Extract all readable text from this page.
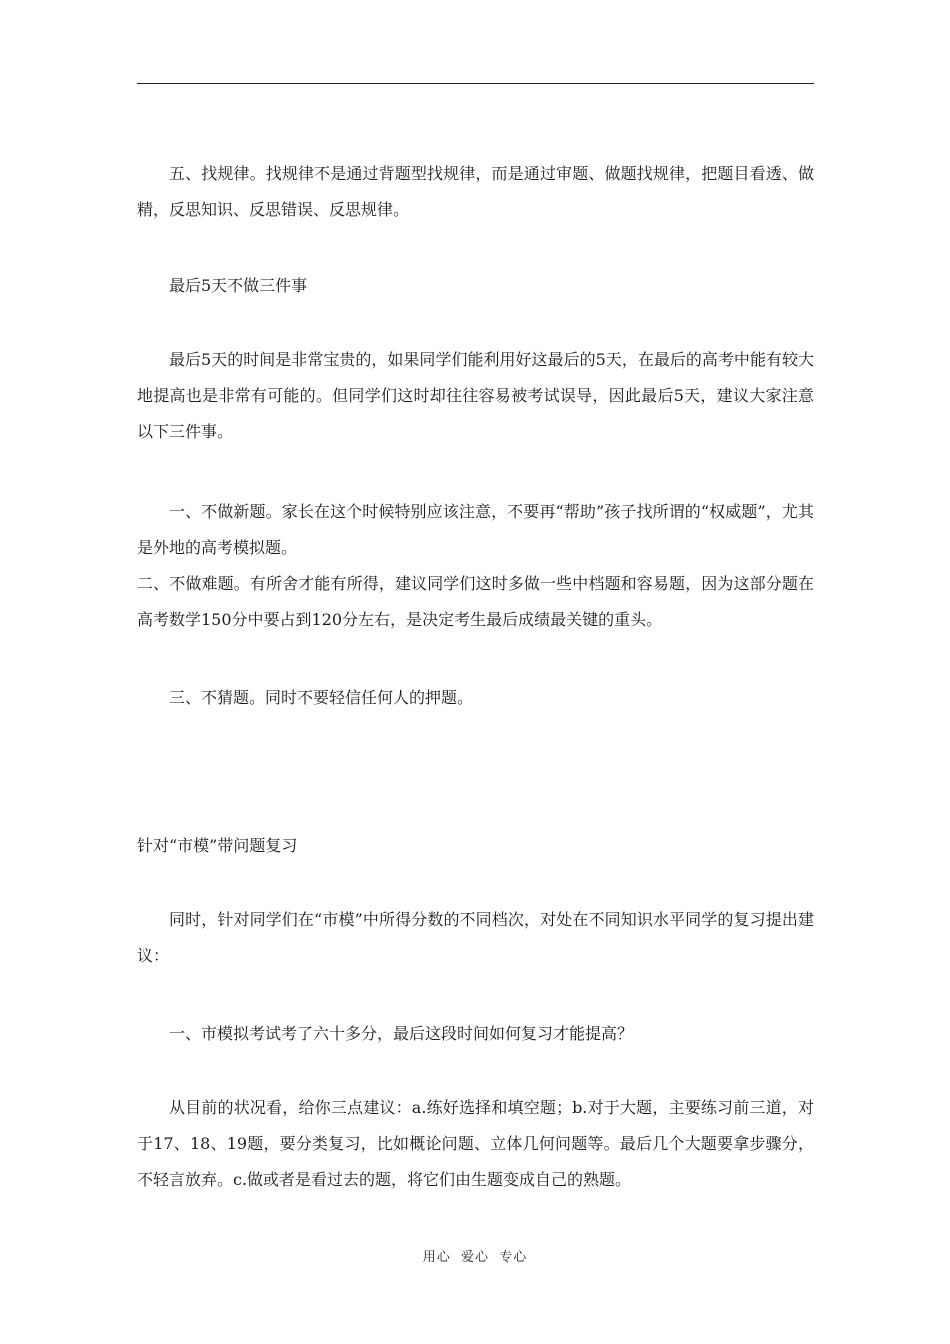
五、找规律。找规律不是通过背题型找规律，而是通过审题、做题找规律，把题目看透、做精，反思知识、反思错误、反思规律。

最后5天不做三件事

最后5天的时间是非常宝贵的，如果同学们能利用好这最后的5天，在最后的高考中能有较大地提高也是非常有可能的。但同学们这时却往往容易被考试误导，因此最后5天，建议大家注意以下三件事。

一、不做新题。家长在这个时候特别应该注意，不要再“帮助”孩子找所谓的“权威题”，尤其是外地的高考模拟题。

二、不做难题。有所舍才能有所得，建议同学们这时多做一些中档题和容易题，因为这部分题在高考数学150分中要占到120分左右，是决定考生最后成绩最关键的重头。

三、不猜题。同时不要轻信任何人的押题。

针对“市模”带问题复习

同时，针对同学们在“市模”中所得分数的不同档次，对处在不同知识水平同学的复习提出建议：

一、市模拟考试考了六十多分，最后这段时间如何复习才能提高？

从目前的状况看，给你三点建议：a.练好选择和填空题；b.对于大题，主要练习前三道，对于17、18、19题，要分类复习，比如概论问题、立体几何问题等。最后几个大题要拿步骤分，不轻言放弃。c.做或者是看过去的题，将它们由生题变成自己的熟题。

用心  爱心  专心
